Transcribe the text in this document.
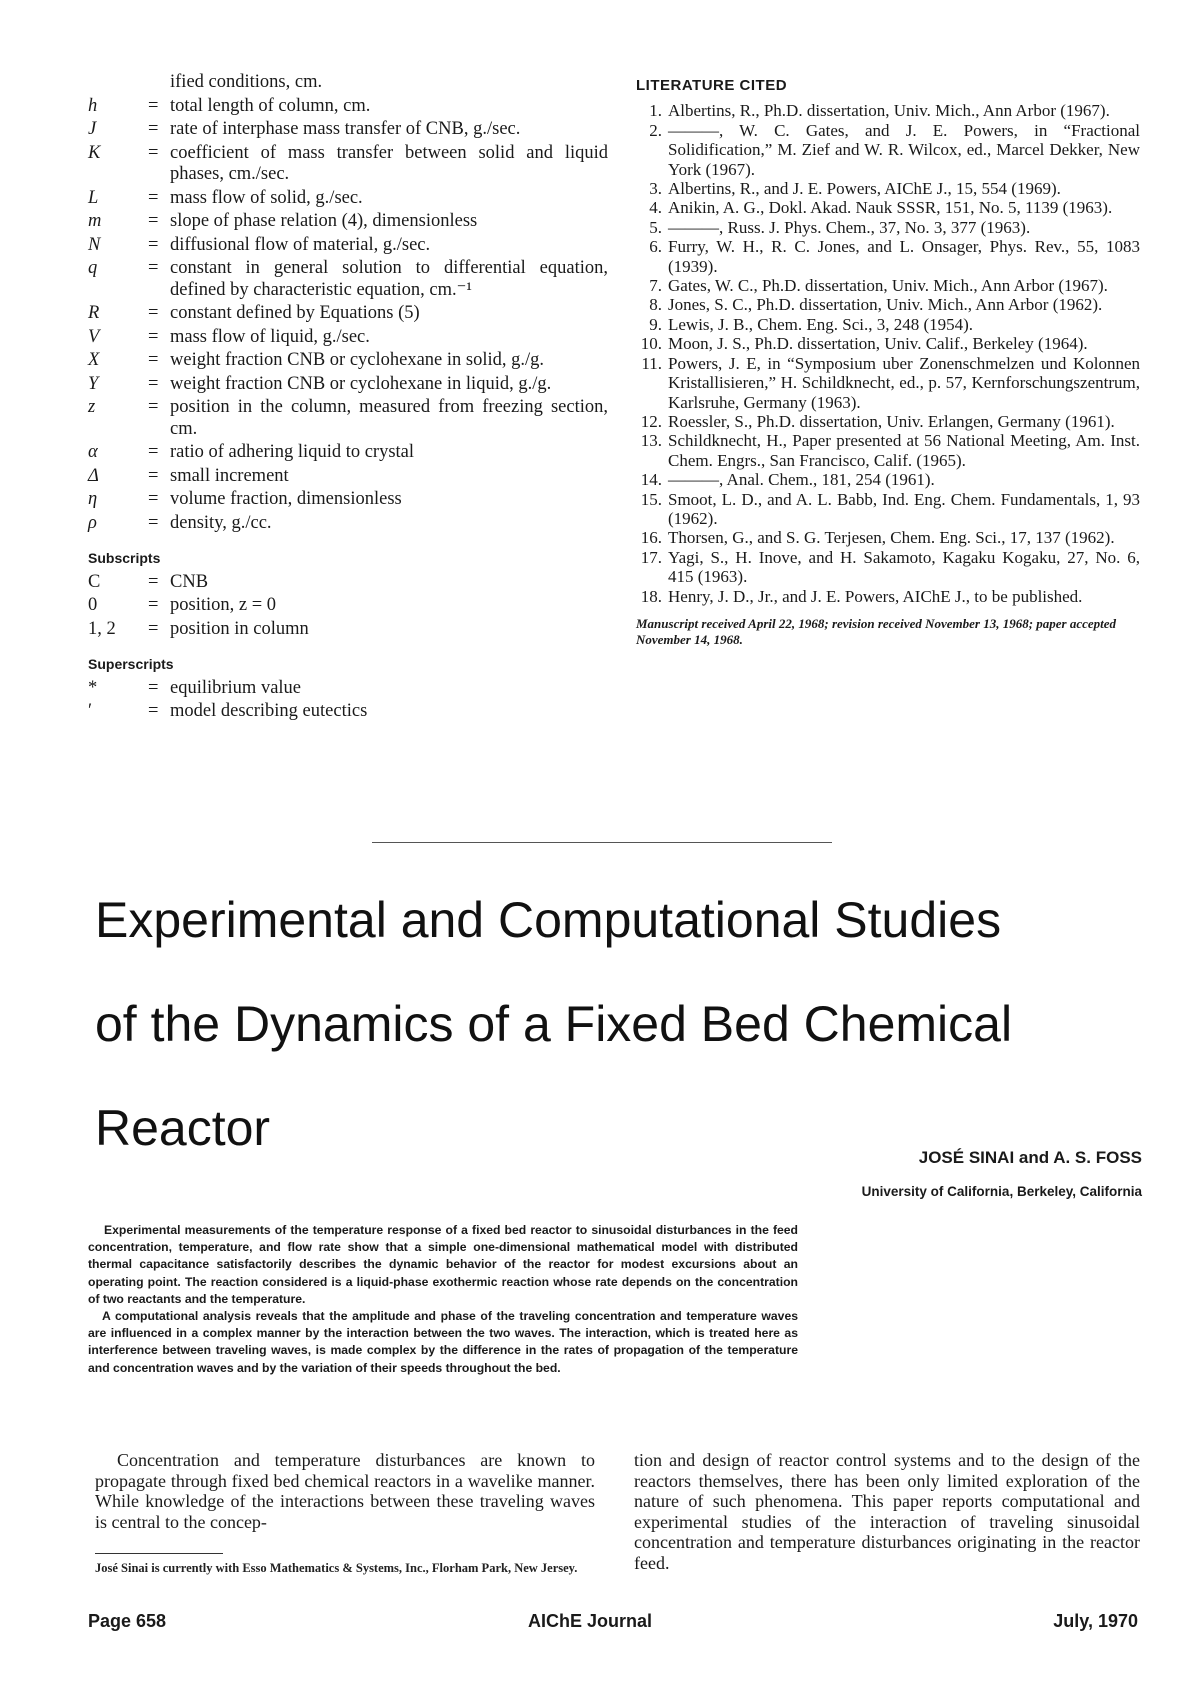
ified conditions, cm.
h	= total length of column, cm.
J	= rate of interphase mass transfer of CNB, g./sec.
K	= coefficient of mass transfer between solid and liquid phases, cm./sec.
L	= mass flow of solid, g./sec.
m	= slope of phase relation (4), dimensionless
N	= diffusional flow of material, g./sec.
q	= constant in general solution to differential equation, defined by characteristic equation, cm.⁻¹
R	= constant defined by Equations (5)
V	= mass flow of liquid, g./sec.
X	= weight fraction CNB or cyclohexane in solid, g./g.
Y	= weight fraction CNB or cyclohexane in liquid, g./g.
z	= position in the column, measured from freezing section, cm.
α	= ratio of adhering liquid to crystal
Δ	= small increment
η	= volume fraction, dimensionless
ρ	= density, g./cc.
Subscripts
C	= CNB
0	= position, z = 0
1, 2	= position in column
Superscripts
*	= equilibrium value
′	= model describing eutectics
LITERATURE CITED
1. Albertins, R., Ph.D. dissertation, Univ. Mich., Ann Arbor (1967).
2. ———, W. C. Gates, and J. E. Powers, in “Fractional Solidification,” M. Zief and W. R. Wilcox, ed., Marcel Dekker, New York (1967).
3. Albertins, R., and J. E. Powers, AIChE J., 15, 554 (1969).
4. Anikin, A. G., Dokl. Akad. Nauk SSSR, 151, No. 5, 1139 (1963).
5. ———, Russ. J. Phys. Chem., 37, No. 3, 377 (1963).
6. Furry, W. H., R. C. Jones, and L. Onsager, Phys. Rev., 55, 1083 (1939).
7. Gates, W. C., Ph.D. dissertation, Univ. Mich., Ann Arbor (1967).
8. Jones, S. C., Ph.D. dissertation, Univ. Mich., Ann Arbor (1962).
9. Lewis, J. B., Chem. Eng. Sci., 3, 248 (1954).
10. Moon, J. S., Ph.D. dissertation, Univ. Calif., Berkeley (1964).
11. Powers, J. E, in “Symposium uber Zonenschmelzen und Kolonnen Kristallisieren,” H. Schildknecht, ed., p. 57, Kernforschungszentrum, Karlsruhe, Germany (1963).
12. Roessler, S., Ph.D. dissertation, Univ. Erlangen, Germany (1961).
13. Schildknecht, H., Paper presented at 56 National Meeting, Am. Inst. Chem. Engrs., San Francisco, Calif. (1965).
14. ———, Anal. Chem., 181, 254 (1961).
15. Smoot, L. D., and A. L. Babb, Ind. Eng. Chem. Fundamentals, 1, 93 (1962).
16. Thorsen, G., and S. G. Terjesen, Chem. Eng. Sci., 17, 137 (1962).
17. Yagi, S., H. Inove, and H. Sakamoto, Kagaku Kogaku, 27, No. 6, 415 (1963).
18. Henry, J. D., Jr., and J. E. Powers, AIChE J., to be published.
Manuscript received April 22, 1968; revision received November 13, 1968; paper accepted November 14, 1968.
Experimental and Computational Studies
of the Dynamics of a Fixed Bed Chemical
Reactor
JOSÉ SINAI and A. S. FOSS
University of California, Berkeley, California

Experimental measurements of the temperature response of a fixed bed reactor to sinusoidal disturbances in the feed concentration, temperature, and flow rate show that a simple one-dimensional mathematical model with distributed thermal capacitance satisfactorily describes the dynamic behavior of the reactor for modest excursions about an operating point. The reaction considered is a liquid-phase exothermic reaction whose rate depends on the concentration of two reactants and the temperature.

A computational analysis reveals that the amplitude and phase of the traveling concentration and temperature waves are influenced in a complex manner by the interaction between the two waves. The interaction, which is treated here as interference between traveling waves, is made complex by the difference in the rates of propagation of the temperature and concentration waves and by the variation of their speeds throughout the bed.

Concentration and temperature disturbances are known to propagate through fixed bed chemical reactors in a wavelike manner. While knowledge of the interactions between these traveling waves is central to the concep-

tion and design of reactor control systems and to the design of the reactors themselves, there has been only limited exploration of the nature of such phenomena. This paper reports computational and experimental studies of the interaction of traveling sinusoidal concentration and temperature disturbances originating in the reactor feed.

José Sinai is currently with Esso Mathematics & Systems, Inc., Florham Park, New Jersey.

Page 658	AIChE Journal	July, 1970
